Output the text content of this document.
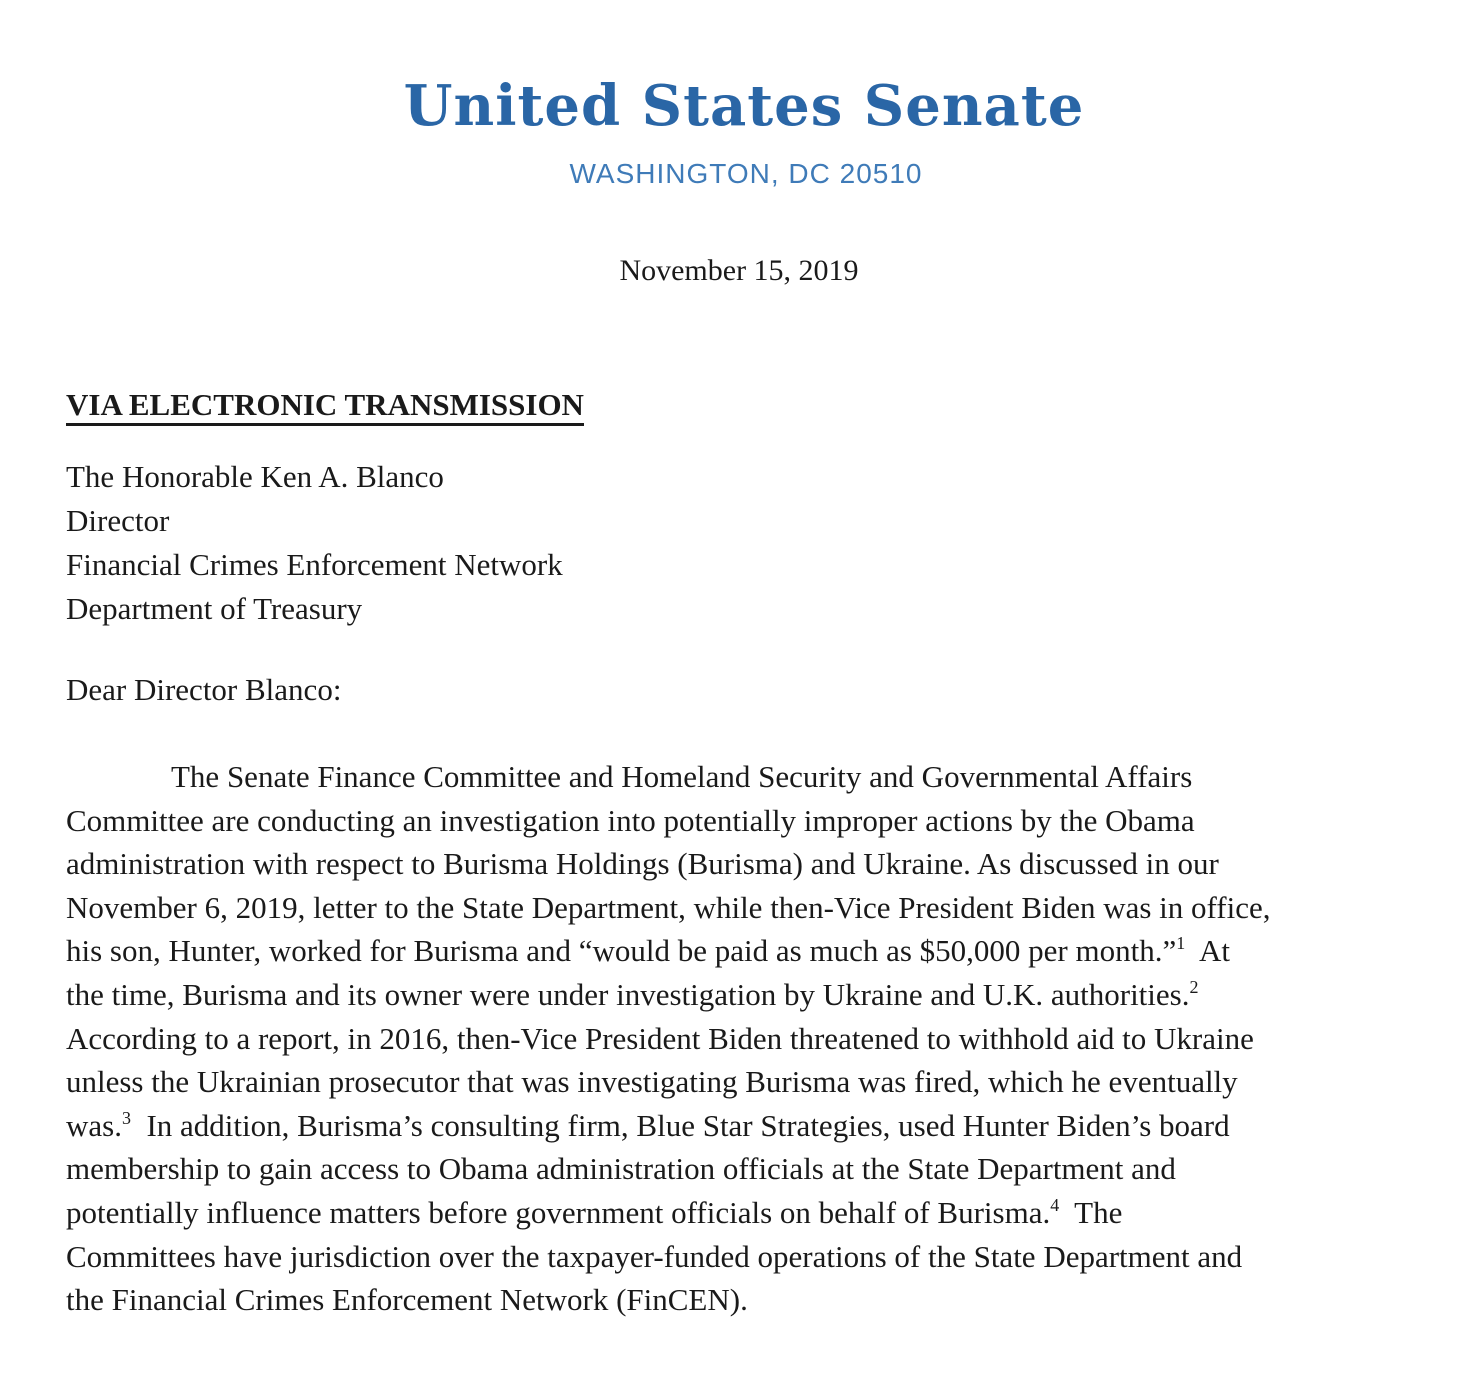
United States Senate
WASHINGTON, DC 20510
November 15, 2019
VIA ELECTRONIC TRANSMISSION
The Honorable Ken A. Blanco
Director
Financial Crimes Enforcement Network
Department of Treasury
Dear Director Blanco:
The Senate Finance Committee and Homeland Security and Governmental Affairs
Committee are conducting an investigation into potentially improper actions by the Obama
administration with respect to Burisma Holdings (Burisma) and Ukraine. As discussed in our
November 6, 2019, letter to the State Department, while then-Vice President Biden was in office,
his son, Hunter, worked for Burisma and “would be paid as much as $50,000 per month.”$^1$  At
the time, Burisma and its owner were under investigation by Ukraine and U.K. authorities.$^2$
According to a report, in 2016, then-Vice President Biden threatened to withhold aid to Ukraine
unless the Ukrainian prosecutor that was investigating Burisma was fired, which he eventually
was.$^3$  In addition, Burisma’s consulting firm, Blue Star Strategies, used Hunter Biden’s board
membership to gain access to Obama administration officials at the State Department and
potentially influence matters before government officials on behalf of Burisma.$^4$  The
Committees have jurisdiction over the taxpayer-funded operations of the State Department and
the Financial Crimes Enforcement Network (FinCEN).
